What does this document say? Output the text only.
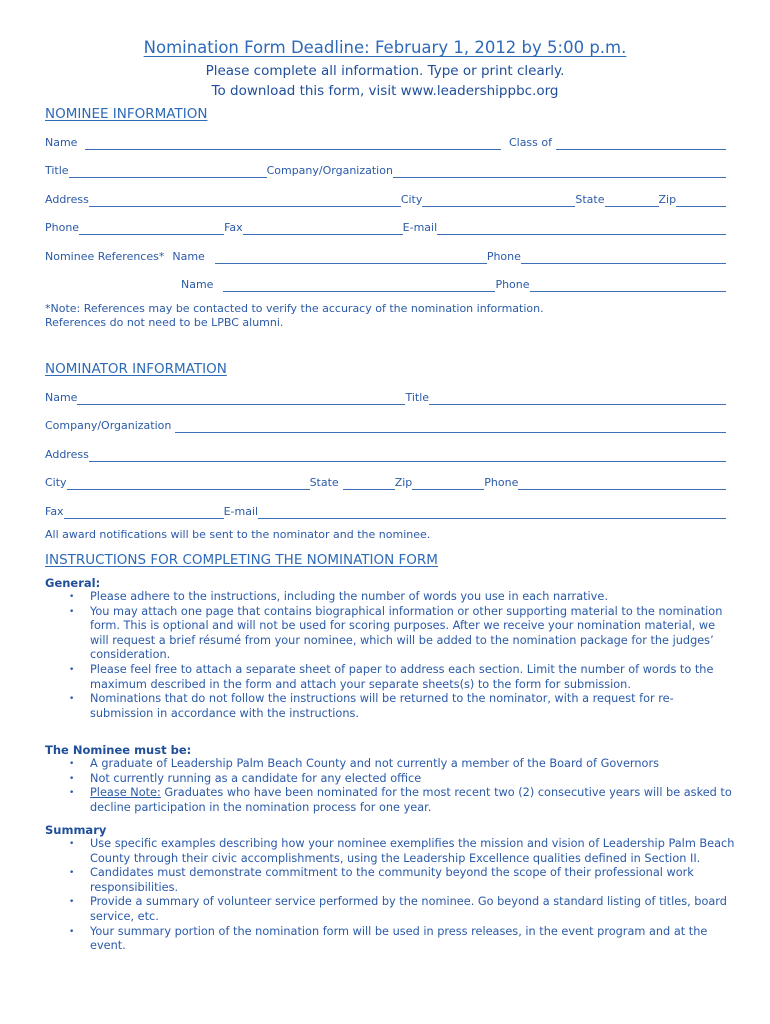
Nomination Form Deadline: February 1, 2012 by 5:00 p.m.
Please complete all information. Type or print clearly.
To download this form, visit www.leadershippbc.org
NOMINEE INFORMATION
Name	Class of
Title	Company/Organization
Address	City	State	Zip
Phone	Fax	E-mail
Nominee References* Name	Phone
Name	Phone
*Note: References may be contacted to verify the accuracy of the nomination information.
References do not need to be LPBC alumni.
NOMINATOR INFORMATION
Name	Title
Company/Organization
Address
City	State	Zip	Phone
Fax	E-mail
All award notifications will be sent to the nominator and the nominee.
INSTRUCTIONS FOR COMPLETING THE NOMINATION FORM
General:
• Please adhere to the instructions, including the number of words you use in each narrative.
• You may attach one page that contains biographical information or other supporting material to the nomination form. This is optional and will not be used for scoring purposes. After we receive your nomination material, we will request a brief résumé from your nominee, which will be added to the nomination package for the judges’ consideration.
• Please feel free to attach a separate sheet of paper to address each section. Limit the number of words to the maximum described in the form and attach your separate sheets(s) to the form for submission.
• Nominations that do not follow the instructions will be returned to the nominator, with a request for re-submission in accordance with the instructions.
The Nominee must be:
• A graduate of Leadership Palm Beach County and not currently a member of the Board of Governors
• Not currently running as a candidate for any elected office
• Please Note: Graduates who have been nominated for the most recent two (2) consecutive years will be asked to decline participation in the nomination process for one year.
Summary
• Use specific examples describing how your nominee exemplifies the mission and vision of Leadership Palm Beach County through their civic accomplishments, using the Leadership Excellence qualities defined in Section II.
• Candidates must demonstrate commitment to the community beyond the scope of their professional work responsibilities.
• Provide a summary of volunteer service performed by the nominee. Go beyond a standard listing of titles, board service, etc.
• Your summary portion of the nomination form will be used in press releases, in the event program and at the event.
